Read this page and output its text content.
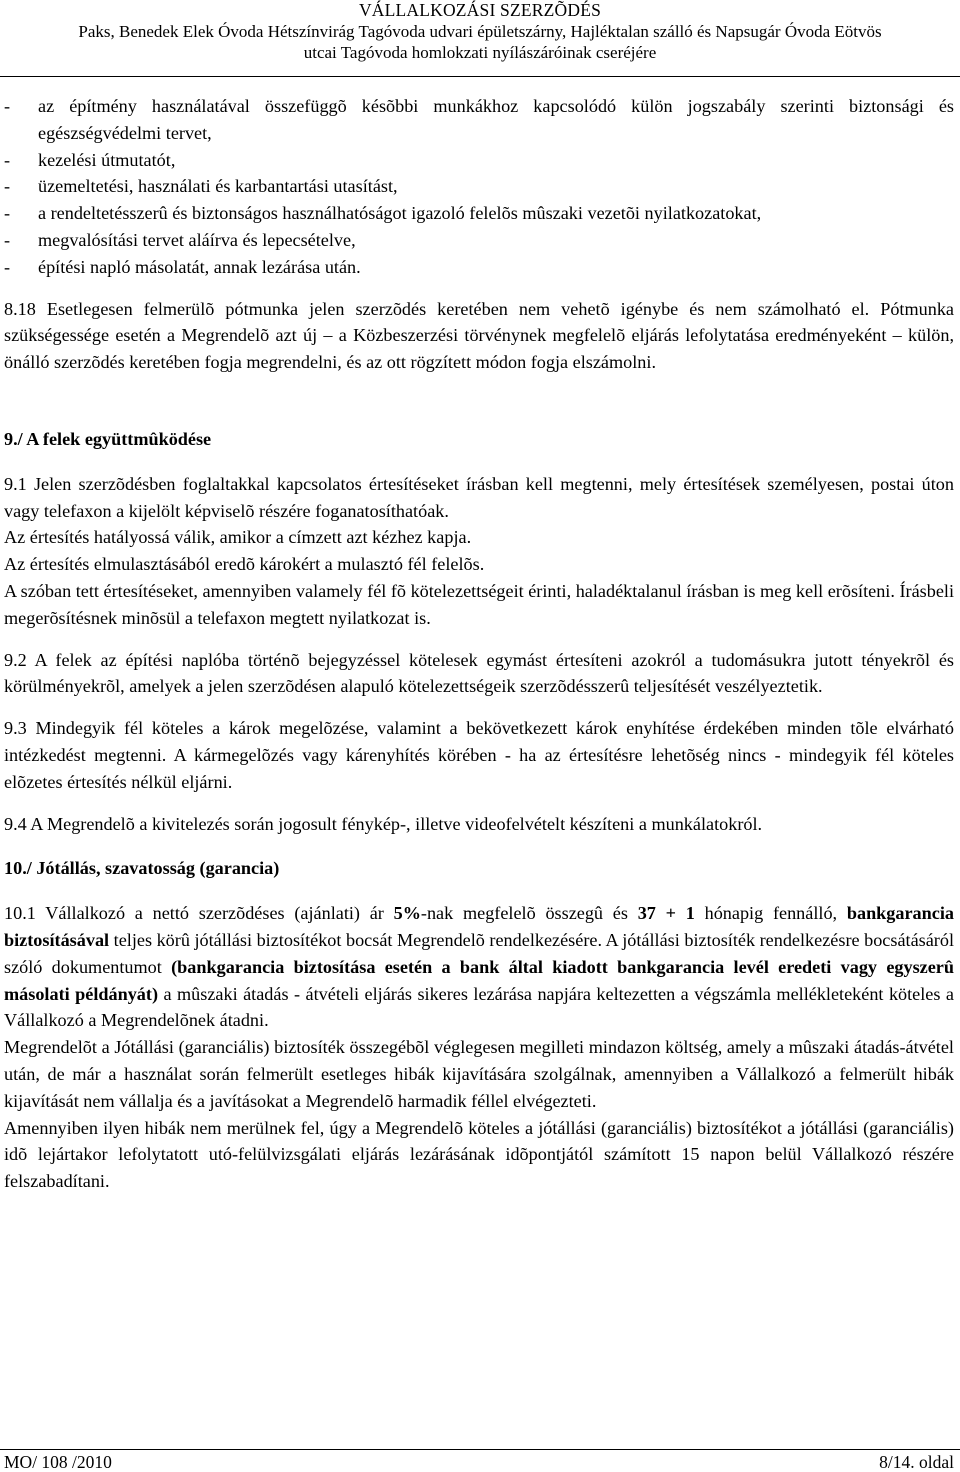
VÁLLALKOZÁSI SZERZÕDÉS
Paks, Benedek Elek Óvoda Hétszínvirág Tagóvoda udvari épületszárny, Hajléktalan szálló és Napsugár Óvoda Eötvös
utcai Tagóvoda homlokzati nyílászáróinak cseréjére
-	az építmény használatával összefüggõ késõbbi munkákhoz kapcsolódó külön jogszabály szerinti biztonsági és egészségvédelmi tervet,
-	kezelési útmutatót,
-	üzemeltetési, használati és karbantartási utasítást,
-	a rendeltetésszerû és biztonságos használhatóságot igazoló felelõs mûszaki vezetõi nyilatkozatokat,
-	megvalósítási tervet aláírva és lepecsételve,
-	építési napló másolatát, annak lezárása után.

8.18 Esetlegesen felmerülõ pótmunka jelen szerzõdés keretében nem vehetõ igénybe és nem számolható el. Pótmunka szükségessége esetén a Megrendelõ azt új – a Közbeszerzési törvénynek megfelelõ eljárás lefolytatása eredményeként – külön, önálló szerzõdés keretében fogja megrendelni, és az ott rögzített módon fogja elszámolni.

9./ A felek együttmûködése

9.1 Jelen szerzõdésben foglaltakkal kapcsolatos értesítéseket írásban kell megtenni, mely értesítések személyesen, postai úton vagy telefaxon a kijelölt képviselõ részére foganatosíthatóak.

Az értesítés hatályossá válik, amikor a címzett azt kézhez kapja.

Az értesítés elmulasztásából eredõ károkért a mulasztó fél felelõs.

A szóban tett értesítéseket, amennyiben valamely fél fõ kötelezettségeit érinti, haladéktalanul írásban is meg kell erõsíteni. Írásbeli megerõsítésnek minõsül a telefaxon megtett nyilatkozat is.

9.2 A felek az építési naplóba történõ bejegyzéssel kötelesek egymást értesíteni azokról a tudomásukra jutott tényekrõl és körülményekrõl, amelyek a jelen szerzõdésen alapuló kötelezettségeik szerzõdésszerû teljesítését veszélyeztetik.

9.3 Mindegyik fél köteles a károk megelõzése, valamint a bekövetkezett károk enyhítése érdekében minden tõle elvárható intézkedést megtenni. A kármegelõzés vagy kárenyhítés körében - ha az értesítésre lehetõség nincs - mindegyik fél köteles elõzetes értesítés nélkül eljárni.

9.4 A Megrendelõ a kivitelezés során jogosult fénykép-, illetve videofelvételt készíteni a munkálatokról.

10./ Jótállás, szavatosság (garancia)

10.1 Vállalkozó a nettó szerzõdéses (ajánlati) ár 5%-nak megfelelõ összegû és 37 + 1 hónapig fennálló, bankgarancia biztosításával teljes körû jótállási biztosítékot bocsát Megrendelõ rendelkezésére. A jótállási biztosíték rendelkezésre bocsátásáról szóló dokumentumot (bankgarancia biztosítása esetén a bank által kiadott bankgarancia levél eredeti vagy egyszerû másolati példányát) a mûszaki átadás - átvételi eljárás sikeres lezárása napjára keltezetten a végszámla mellékleteként köteles a Vállalkozó a Megrendelõnek átadni.

Megrendelõt a Jótállási (garanciális) biztosíték összegébõl véglegesen megilleti mindazon költség, amely a mûszaki átadás-átvétel után, de már a használat során felmerült esetleges hibák kijavítására szolgálnak, amennyiben a Vállalkozó a felmerült hibák kijavítását nem vállalja és a javításokat a Megrendelõ harmadik féllel elvégezteti.

Amennyiben ilyen hibák nem merülnek fel, úgy a Megrendelõ köteles a jótállási (garanciális) biztosítékot a jótállási (garanciális) idõ lejártakor lefolytatott utó-felülvizsgálati eljárás lezárásának idõpontjától számított 15 napon belül Vállalkozó részére felszabadítani.

MO/ 108 /2010	8/14. oldal
